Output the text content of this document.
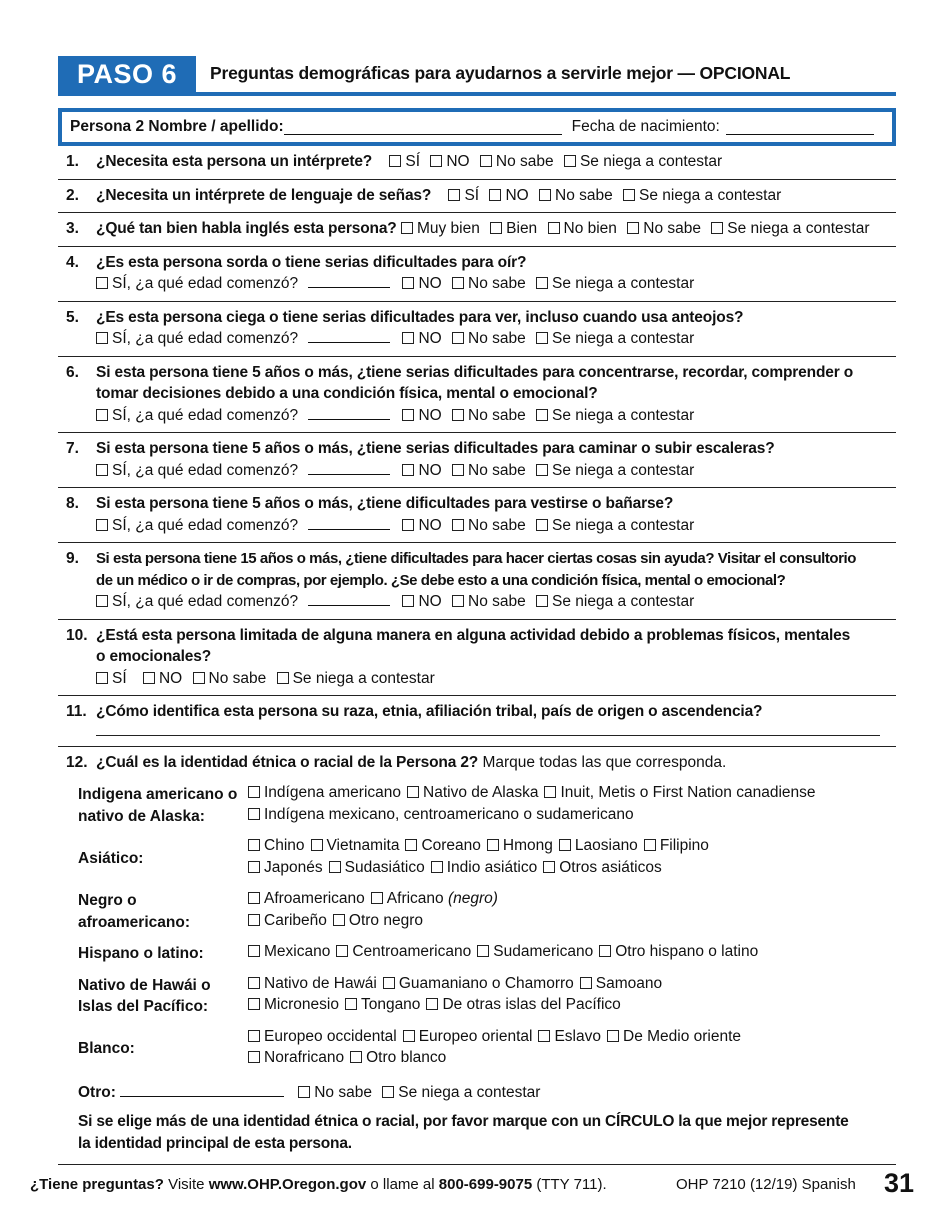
PASO 6	Preguntas demográficas para ayudarnos a servirle mejor — OPCIONAL
Persona 2 Nombre / apellido:	Fecha de nacimiento:
1. ¿Necesita esta persona un intérprete? SÍ NO No sabe Se niega a contestar
2. ¿Necesita un intérprete de lenguaje de señas? SÍ NO No sabe Se niega a contestar
3. ¿Qué tan bien habla inglés esta persona? Muy bien Bien No bien No sabe Se niega a contestar
4. ¿Es esta persona sorda o tiene serias dificultades para oír?
SÍ, ¿a qué edad comenzó?	NO No sabe Se niega a contestar
5. ¿Es esta persona ciega o tiene serias dificultades para ver, incluso cuando usa anteojos?
SÍ, ¿a qué edad comenzó?	NO No sabe Se niega a contestar
6. Si esta persona tiene 5 años o más, ¿tiene serias dificultades para concentrarse, recordar, comprender o
tomar decisiones debido a una condición física, mental o emocional?
SÍ, ¿a qué edad comenzó?	NO No sabe Se niega a contestar
7. Si esta persona tiene 5 años o más, ¿tiene serias dificultades para caminar o subir escaleras?
SÍ, ¿a qué edad comenzó?	NO No sabe Se niega a contestar
8. Si esta persona tiene 5 años o más, ¿tiene dificultades para vestirse o bañarse?
SÍ, ¿a qué edad comenzó?	NO No sabe Se niega a contestar
9. Si esta persona tiene 15 años o más, ¿tiene dificultades para hacer ciertas cosas sin ayuda? Visitar el consultorio
de un médico o ir de compras, por ejemplo. ¿Se debe esto a una condición física, mental o emocional?
SÍ, ¿a qué edad comenzó?	NO No sabe Se niega a contestar
10. ¿Está esta persona limitada de alguna manera en alguna actividad debido a problemas físicos, mentales
o emocionales?
SÍ NO No sabe Se niega a contestar
11. ¿Cómo identifica esta persona su raza, etnia, afiliación tribal, país de origen o ascendencia?
12. ¿Cuál es la identidad étnica o racial de la Persona 2? Marque todas las que corresponda.
Indigena americano o
nativo de Alaska:
Indígena americano Nativo de Alaska Inuit, Metis o First Nation canadiense
Indígena mexicano, centroamericano o sudamericano
Asiático:
Chino Vietnamita Coreano Hmong Laosiano Filipino
Japonés Sudasiático Indio asiático Otros asiáticos
Negro o
afroamericano:
Afroamericano Africano (negro)
Caribeño Otro negro
Hispano o latino:	Mexicano Centroamericano Sudamericano Otro hispano o latino
Nativo de Hawái o
Islas del Pacífico:
Nativo de Hawái Guamaniano o Chamorro Samoano
Micronesio Tongano De otras islas del Pacífico
Blanco:
Europeo occidental Europeo oriental Eslavo De Medio oriente
Norafricano Otro blanco
Otro:	No sabe Se niega a contestar
Si se elige más de una identidad étnica o racial, por favor marque con un CÍRCULO la que mejor represente
la identidad principal de esta persona.
¿Tiene preguntas? Visite www.OHP.Oregon.gov o llame al 800-699-9075 (TTY 711).	OHP 7210 (12/19) Spanish 31
